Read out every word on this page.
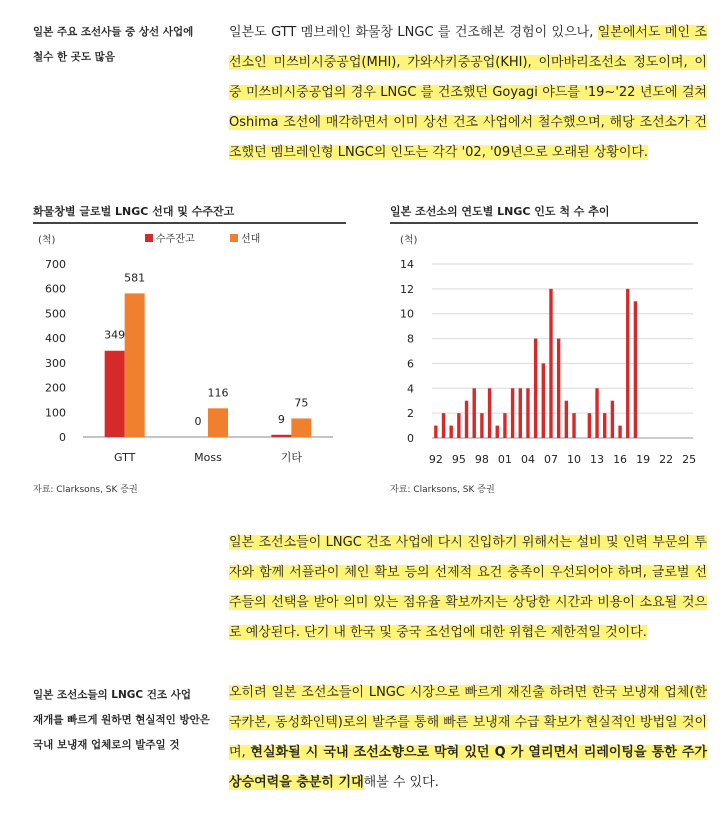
일본 주요 조선사들 중 상선 사업에
철수 한 곳도 많음
일본도 GTT 멤브레인 화물창 LNGC 를 건조해본 경험이 있으나, 일본에서도 메인 조선소인 미쓰비시중공업(MHI), 가와사키중공업(KHI), 이마바리조선소 정도이며, 이 중 미쓰비시중공업의 경우 LNGC 를 건조했던 Goyagi 야드를 '19~'22 년도에 걸쳐 Oshima 조선에 매각하면서 이미 상선 건조 사업에서 철수했으며, 해당 조선소가 건조했던 멤브레인형 LNGC의 인도는 각각 '02, '09년으로 오래된 상황이다.
화물창별 글로벌 LNGC 선대 및 수주잔고
(척)	수주잔고	선대
0
100
200
300
400
500
600
700
349
581
0
116
9
75
GTT	Moss	기타
자료: Clarksons, SK 증권
일본 조선소의 연도별 LNGC 인도 척 수 추이
(척)
0
2
4
6
8
10
12
14
92 95 98 01 04 07 10 13 16 19 22 25
자료: Clarksons, SK 증권
일본 조선소들이 LNGC 건조 사업에 다시 진입하기 위해서는 설비 및 인력 부문의 투자와 함께 서플라이 체인 확보 등의 선제적 요건 충족이 우선되어야 하며, 글로벌 선주들의 선택을 받아 의미 있는 점유율 확보까지는 상당한 시간과 비용이 소요될 것으로 예상된다. 단기 내 한국 및 중국 조선업에 대한 위협은 제한적일 것이다.
일본 조선소들의 LNGC 건조 사업
재개를 빠르게 원하면 현실적인 방안은
국내 보냉재 업체로의 발주일 것
오히려 일본 조선소들이 LNGC 시장으로 빠르게 재진출 하려면 한국 보냉재 업체(한국카본, 동성화인텍)로의 발주를 통해 빠른 보냉재 수급 확보가 현실적인 방법일 것이며, 현실화될 시 국내 조선소향으로 막혀 있던 Q 가 열리면서 리레이팅을 통한 주가 상승여력을 충분히 기대해볼 수 있다.
